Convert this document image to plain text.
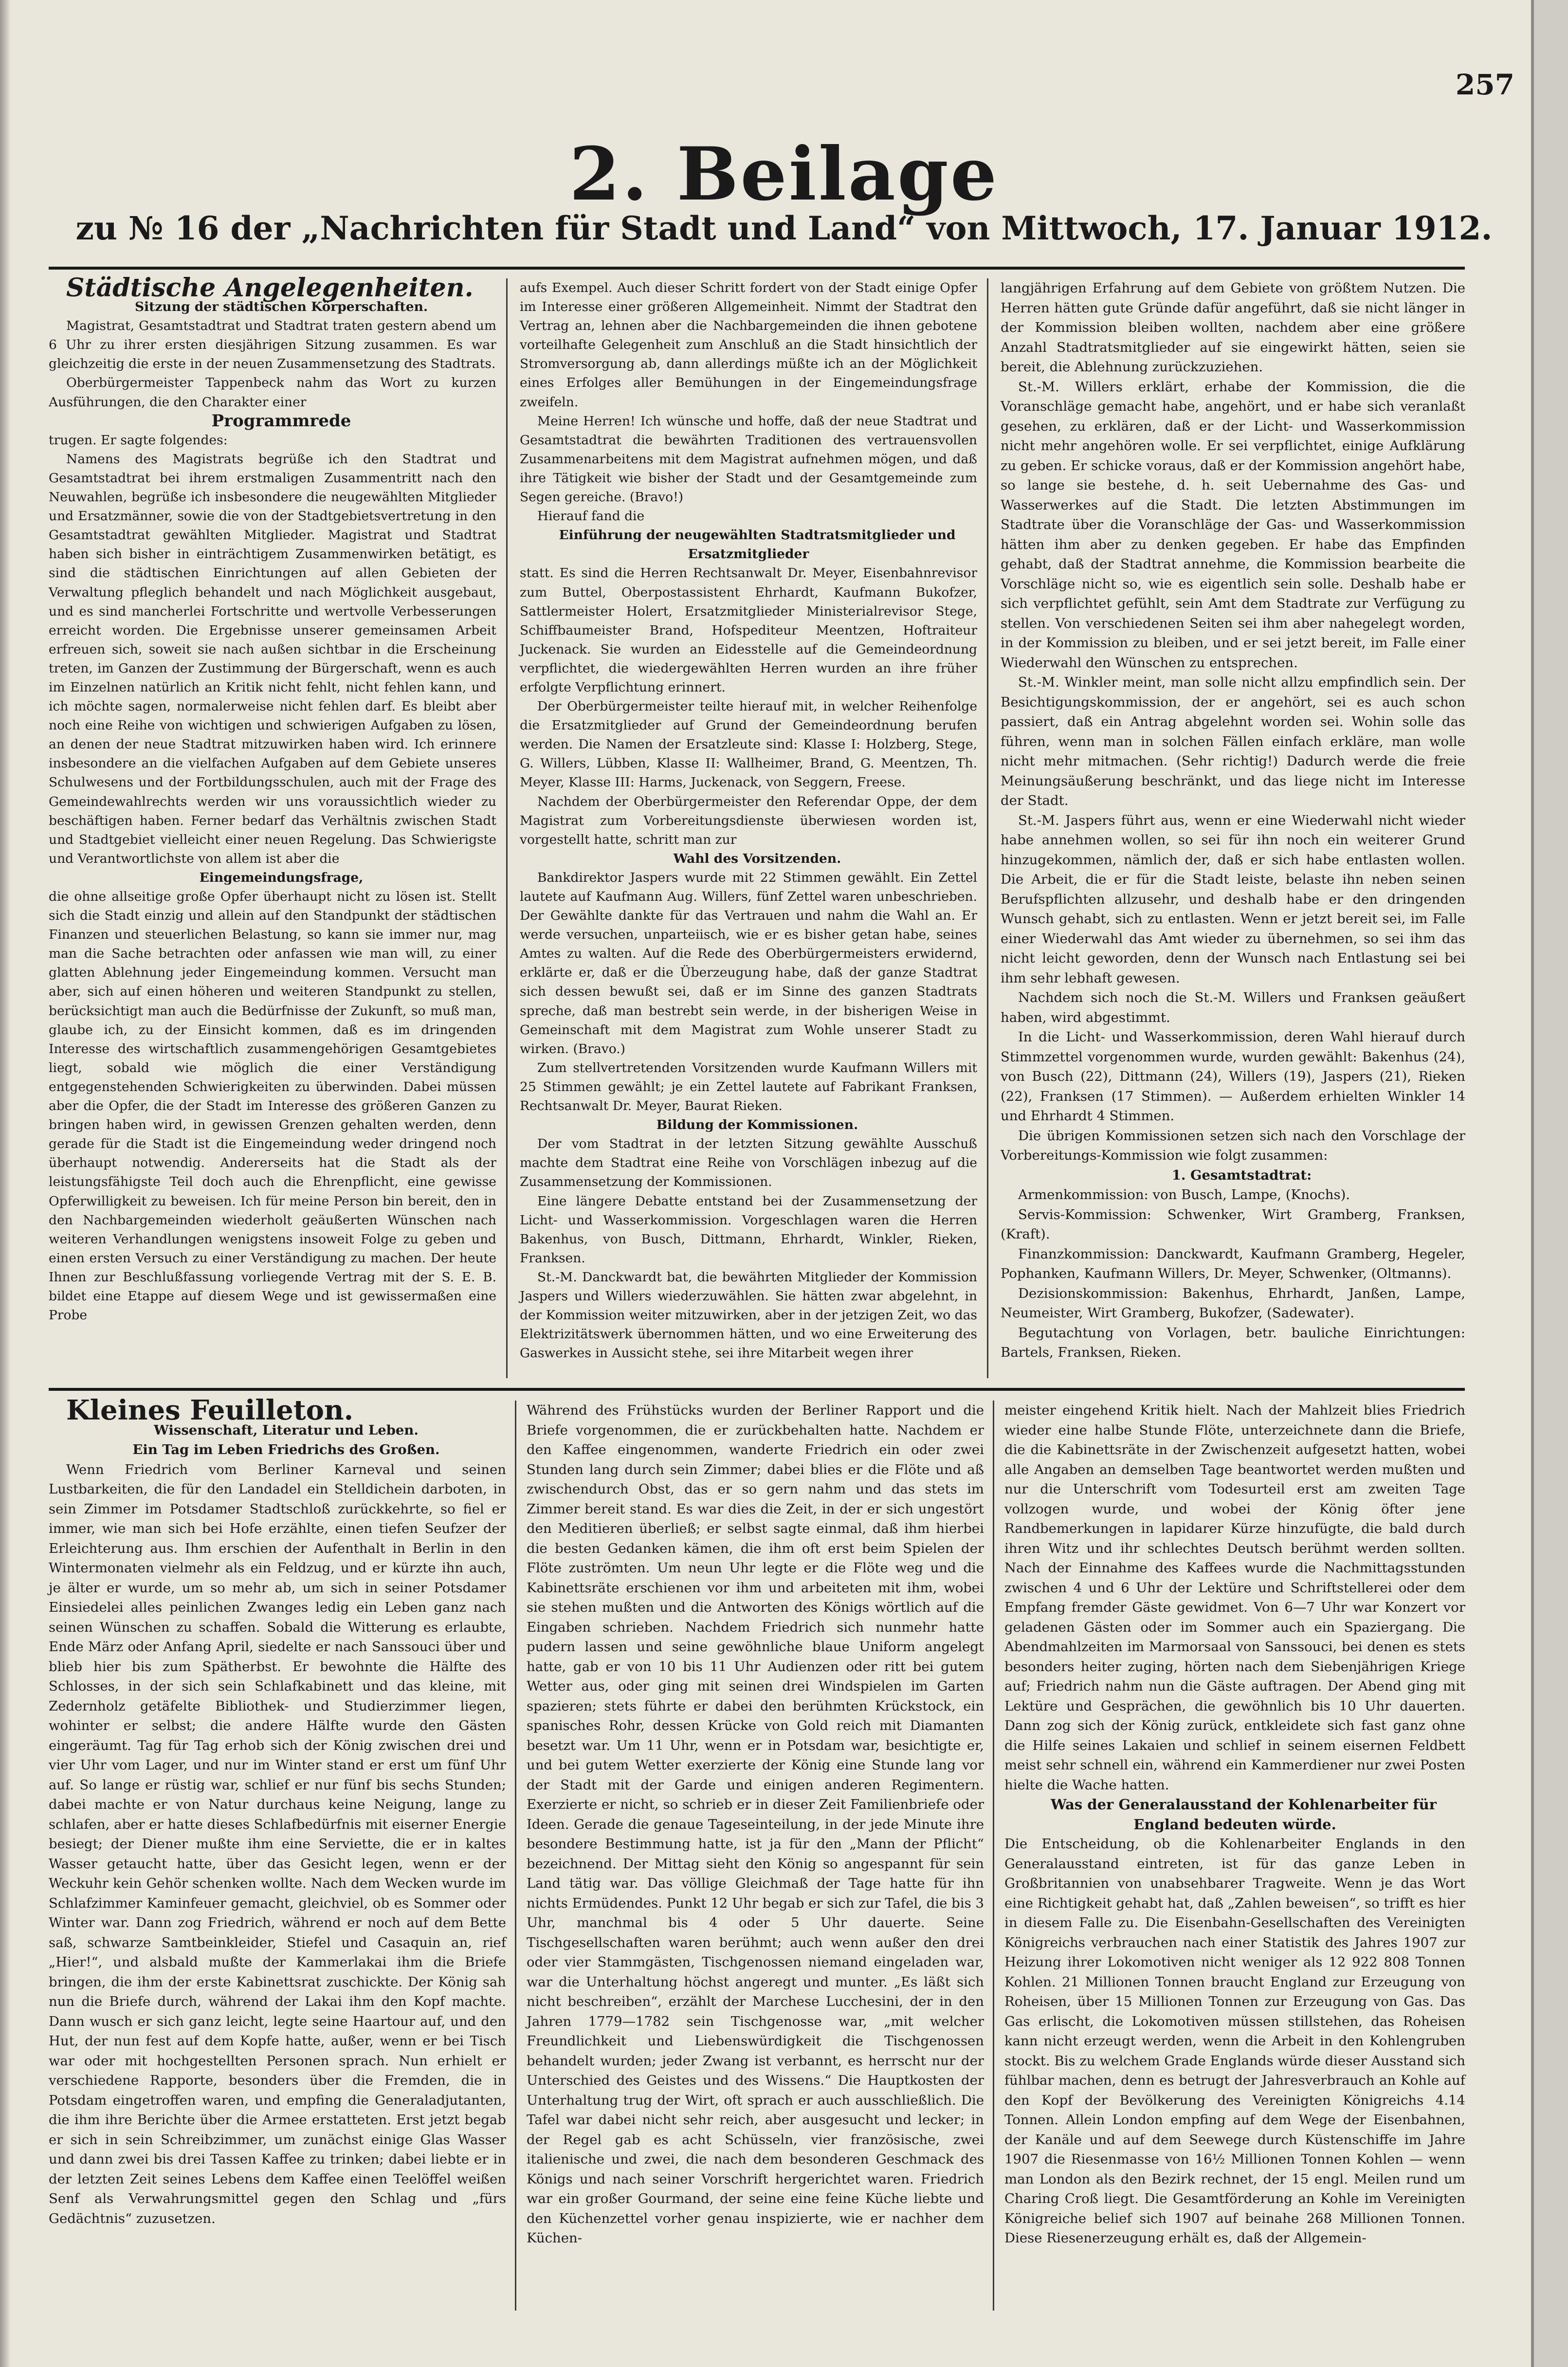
257
2. Beilage
zu № 16 der „Nachrichten für Stadt und Land“ von Mittwoch, 17. Januar 1912.

Städtische Angelegenheiten.

Sitzung der städtischen Körperschaften.

Magistrat, Gesamtstadtrat und Stadtrat traten gestern abend um 6 Uhr zu ihrer ersten diesjährigen Sitzung zusammen. Es war gleichzeitig die erste in der neuen Zusammensetzung des Stadtrats.

Oberbürgermeister Tappenbeck nahm das Wort zu kurzen Ausführungen, die den Charakter einer

Programmrede

trugen. Er sagte folgendes:

Namens des Magistrats begrüße ich den Stadtrat und Gesamtstadtrat bei ihrem erstmaligen Zusammentritt nach den Neuwahlen, begrüße ich insbesondere die neugewählten Mitglieder und Ersatzmänner, sowie die von der Stadtgebietsvertretung in den Gesamtstadtrat gewählten Mitglieder. Magistrat und Stadtrat haben sich bisher in einträchtigem Zusammenwirken betätigt, es sind die städtischen Einrichtungen auf allen Gebieten der Verwaltung pfleglich behandelt und nach Möglichkeit ausgebaut, und es sind mancherlei Fortschritte und wertvolle Verbesserungen erreicht worden. Die Ergebnisse unserer gemeinsamen Arbeit erfreuen sich, soweit sie nach außen sichtbar in die Erscheinung treten, im Ganzen der Zustimmung der Bürgerschaft, wenn es auch im Einzelnen natürlich an Kritik nicht fehlt, nicht fehlen kann, und ich möchte sagen, normalerweise nicht fehlen darf. Es bleibt aber noch eine Reihe von wichtigen und schwierigen Aufgaben zu lösen, an denen der neue Stadtrat mitzuwirken haben wird. Ich erinnere insbesondere an die vielfachen Aufgaben auf dem Gebiete unseres Schulwesens und der Fortbildungsschulen, auch mit der Frage des Gemeindewahlrechts werden wir uns voraussichtlich wieder zu beschäftigen haben. Ferner bedarf das Verhältnis zwischen Stadt und Stadtgebiet vielleicht einer neuen Regelung. Das Schwierigste und Verantwortlichste von allem ist aber die

Eingemeindungsfrage,

die ohne allseitige große Opfer überhaupt nicht zu lösen ist. Stellt sich die Stadt einzig und allein auf den Standpunkt der städtischen Finanzen und steuerlichen Belastung, so kann sie immer nur, mag man die Sache betrachten oder anfassen wie man will, zu einer glatten Ablehnung jeder Eingemeindung kommen. Versucht man aber, sich auf einen höheren und weiteren Standpunkt zu stellen, berücksichtigt man auch die Bedürfnisse der Zukunft, so muß man, glaube ich, zu der Einsicht kommen, daß es im dringenden Interesse des wirtschaftlich zusammengehörigen Gesamtgebietes liegt, sobald wie möglich die einer Verständigung entgegenstehenden Schwierigkeiten zu überwinden. Dabei müssen aber die Opfer, die der Stadt im Interesse des größeren Ganzen zu bringen haben wird, in gewissen Grenzen gehalten werden, denn gerade für die Stadt ist die Eingemeindung weder dringend noch überhaupt notwendig. Andererseits hat die Stadt als der leistungsfähigste Teil doch auch die Ehrenpflicht, eine gewisse Opferwilligkeit zu beweisen. Ich für meine Person bin bereit, den in den Nachbargemeinden wiederholt geäußerten Wünschen nach weiteren Verhandlungen wenigstens insoweit Folge zu geben und einen ersten Versuch zu einer Verständigung zu machen. Der heute Ihnen zur Beschlußfassung vorliegende Vertrag mit der S. E. B. bildet eine Etappe auf diesem Wege und ist gewissermaßen eine Probe

aufs Exempel. Auch dieser Schritt fordert von der Stadt einige Opfer im Interesse einer größeren Allgemeinheit. Nimmt der Stadtrat den Vertrag an, lehnen aber die Nachbargemeinden die ihnen gebotene vorteilhafte Gelegenheit zum Anschluß an die Stadt hinsichtlich der Stromversorgung ab, dann allerdings müßte ich an der Möglichkeit eines Erfolges aller Bemühungen in der Eingemeindungsfrage zweifeln.

Meine Herren! Ich wünsche und hoffe, daß der neue Stadtrat und Gesamtstadtrat die bewährten Traditionen des vertrauensvollen Zusammenarbeitens mit dem Magistrat aufnehmen mögen, und daß ihre Tätigkeit wie bisher der Stadt und der Gesamtgemeinde zum Segen gereiche. (Bravo!)

Hierauf fand die

Einführung der neugewählten Stadtratsmitglieder und Ersatzmitglieder

statt. Es sind die Herren Rechtsanwalt Dr. Meyer, Eisenbahnrevisor zum Buttel, Oberpostassistent Ehrhardt, Kaufmann Bukofzer, Sattlermeister Holert, Ersatzmitglieder Ministerialrevisor Stege, Schiffbaumeister Brand, Hofspediteur Meentzen, Hoftraiteur Juckenack. Sie wurden an Eidesstelle auf die Gemeindeordnung verpflichtet, die wiedergewählten Herren wurden an ihre früher erfolgte Verpflichtung erinnert.

Der Oberbürgermeister teilte hierauf mit, in welcher Reihenfolge die Ersatzmitglieder auf Grund der Gemeindeordnung berufen werden. Die Namen der Ersatzleute sind: Klasse I: Holzberg, Stege, G. Willers, Lübben, Klasse II: Wallheimer, Brand, G. Meentzen, Th. Meyer, Klasse III: Harms, Juckenack, von Seggern, Freese.

Nachdem der Oberbürgermeister den Referendar Oppe, der dem Magistrat zum Vorbereitungsdienste überwiesen worden ist, vorgestellt hatte, schritt man zur

Wahl des Vorsitzenden.

Bankdirektor Jaspers wurde mit 22 Stimmen gewählt. Ein Zettel lautete auf Kaufmann Aug. Willers, fünf Zettel waren unbeschrieben. Der Gewählte dankte für das Vertrauen und nahm die Wahl an. Er werde versuchen, unparteiisch, wie er es bisher getan habe, seines Amtes zu walten. Auf die Rede des Oberbürgermeisters erwidernd, erklärte er, daß er die Überzeugung habe, daß der ganze Stadtrat sich dessen bewußt sei, daß er im Sinne des ganzen Stadtrats spreche, daß man bestrebt sein werde, in der bisherigen Weise in Gemeinschaft mit dem Magistrat zum Wohle unserer Stadt zu wirken. (Bravo.)

Zum stellvertretenden Vorsitzenden wurde Kaufmann Willers mit 25 Stimmen gewählt; je ein Zettel lautete auf Fabrikant Franksen, Rechtsanwalt Dr. Meyer, Baurat Rieken.

Bildung der Kommissionen.

Der vom Stadtrat in der letzten Sitzung gewählte Ausschuß machte dem Stadtrat eine Reihe von Vorschlägen inbezug auf die Zusammensetzung der Kommissionen.

Eine längere Debatte entstand bei der Zusammensetzung der Licht- und Wasserkommission. Vorgeschlagen waren die Herren Bakenhus, von Busch, Dittmann, Ehrhardt, Winkler, Rieken, Franksen.

St.-M. Danckwardt bat, die bewährten Mitglieder der Kommission Jaspers und Willers wiederzuwählen. Sie hätten zwar abgelehnt, in der Kommission weiter mitzuwirken, aber in der jetzigen Zeit, wo das Elektrizitätswerk übernommen hätten, und wo eine Erweiterung des Gaswerkes in Aussicht stehe, sei ihre Mitarbeit wegen ihrer

langjährigen Erfahrung auf dem Gebiete von größtem Nutzen. Die Herren hätten gute Gründe dafür angeführt, daß sie nicht länger in der Kommission bleiben wollten, nachdem aber eine größere Anzahl Stadtratsmitglieder auf sie eingewirkt hätten, seien sie bereit, die Ablehnung zurückzuziehen.

St.-M. Willers erklärt, erhabe der Kommission, die die Voranschläge gemacht habe, angehört, und er habe sich veranlaßt gesehen, zu erklären, daß er der Licht- und Wasserkommission nicht mehr angehören wolle. Er sei verpflichtet, einige Aufklärung zu geben. Er schicke voraus, daß er der Kommission angehört habe, so lange sie bestehe, d. h. seit Uebernahme des Gas- und Wasserwerkes auf die Stadt. Die letzten Abstimmungen im Stadtrate über die Voranschläge der Gas- und Wasserkommission hätten ihm aber zu denken gegeben. Er habe das Empfinden gehabt, daß der Stadtrat annehme, die Kommission bearbeite die Vorschläge nicht so, wie es eigentlich sein solle. Deshalb habe er sich verpflichtet gefühlt, sein Amt dem Stadtrate zur Verfügung zu stellen. Von verschiedenen Seiten sei ihm aber nahegelegt worden, in der Kommission zu bleiben, und er sei jetzt bereit, im Falle einer Wiederwahl den Wünschen zu entsprechen.

St.-M. Winkler meint, man solle nicht allzu empfindlich sein. Der Besichtigungskommission, der er angehört, sei es auch schon passiert, daß ein Antrag abgelehnt worden sei. Wohin solle das führen, wenn man in solchen Fällen einfach erkläre, man wolle nicht mehr mitmachen. (Sehr richtig!) Dadurch werde die freie Meinungsäußerung beschränkt, und das liege nicht im Interesse der Stadt.

St.-M. Jaspers führt aus, wenn er eine Wiederwahl nicht wieder habe annehmen wollen, so sei für ihn noch ein weiterer Grund hinzugekommen, nämlich der, daß er sich habe entlasten wollen. Die Arbeit, die er für die Stadt leiste, belaste ihn neben seinen Berufspflichten allzusehr, und deshalb habe er den dringenden Wunsch gehabt, sich zu entlasten. Wenn er jetzt bereit sei, im Falle einer Wiederwahl das Amt wieder zu übernehmen, so sei ihm das nicht leicht geworden, denn der Wunsch nach Entlastung sei bei ihm sehr lebhaft gewesen.

Nachdem sich noch die St.-M. Willers und Franksen geäußert haben, wird abgestimmt.

In die Licht- und Wasserkommission, deren Wahl hierauf durch Stimmzettel vorgenommen wurde, wurden gewählt: Bakenhus (24), von Busch (22), Dittmann (24), Willers (19), Jaspers (21), Rieken (22), Franksen (17 Stimmen). — Außerdem erhielten Winkler 14 und Ehrhardt 4 Stimmen.

Die übrigen Kommissionen setzen sich nach den Vorschlage der Vorbereitungs-Kommission wie folgt zusammen:

1. Gesamtstadtrat:

Armenkommission: von Busch, Lampe, (Knochs).

Servis-Kommission: Schwenker, Wirt Gramberg, Franksen, (Kraft).

Finanzkommission: Danckwardt, Kaufmann Gramberg, Hegeler, Pophanken, Kaufmann Willers, Dr. Meyer, Schwenker, (Oltmanns).

Dezisionskommission: Bakenhus, Ehrhardt, Janßen, Lampe, Neumeister, Wirt Gramberg, Bukofzer, (Sadewater).

Begutachtung von Vorlagen, betr. bauliche Einrichtungen: Bartels, Franksen, Rieken.

Kleines Feuilleton.

Wissenschaft, Literatur und Leben.

Ein Tag im Leben Friedrichs des Großen.

Wenn Friedrich vom Berliner Karneval und seinen Lustbarkeiten, die für den Landadel ein Stelldichein darboten, in sein Zimmer im Potsdamer Stadtschloß zurückkehrte, so fiel er immer, wie man sich bei Hofe erzählte, einen tiefen Seufzer der Erleichterung aus. Ihm erschien der Aufenthalt in Berlin in den Wintermonaten vielmehr als ein Feldzug, und er kürzte ihn auch, je älter er wurde, um so mehr ab, um sich in seiner Potsdamer Einsiedelei alles peinlichen Zwanges ledig ein Leben ganz nach seinen Wünschen zu schaffen. Sobald die Witterung es erlaubte, Ende März oder Anfang April, siedelte er nach Sanssouci über und blieb hier bis zum Spätherbst. Er bewohnte die Hälfte des Schlosses, in der sich sein Schlafkabinett und das kleine, mit Zedernholz getäfelte Bibliothek- und Studierzimmer liegen, wohinter er selbst; die andere Hälfte wurde den Gästen eingeräumt. Tag für Tag erhob sich der König zwischen drei und vier Uhr vom Lager, und nur im Winter stand er erst um fünf Uhr auf. So lange er rüstig war, schlief er nur fünf bis sechs Stunden; dabei machte er von Natur durchaus keine Neigung, lange zu schlafen, aber er hatte dieses Schlafbedürfnis mit eiserner Energie besiegt; der Diener mußte ihm eine Serviette, die er in kaltes Wasser getaucht hatte, über das Gesicht legen, wenn er der Weckuhr kein Gehör schenken wollte. Nach dem Wecken wurde im Schlafzimmer Kaminfeuer gemacht, gleichviel, ob es Sommer oder Winter war. Dann zog Friedrich, während er noch auf dem Bette saß, schwarze Samtbeinkleider, Stiefel und Casaquin an, rief „Hier!“, und alsbald mußte der Kammerlakai ihm die Briefe bringen, die ihm der erste Kabinettsrat zuschickte. Der König sah nun die Briefe durch, während der Lakai ihm den Kopf machte. Dann wusch er sich ganz leicht, legte seine Haartour auf, und den Hut, der nun fest auf dem Kopfe hatte, außer, wenn er bei Tisch war oder mit hochgestellten Personen sprach. Nun erhielt er verschiedene Rapporte, besonders über die Fremden, die in Potsdam eingetroffen waren, und empfing die Generaladjutanten, die ihm ihre Berichte über die Armee erstatteten. Erst jetzt begab er sich in sein Schreibzimmer, um zunächst einige Glas Wasser und dann zwei bis drei Tassen Kaffee zu trinken; dabei liebte er in der letzten Zeit seines Lebens dem Kaffee einen Teelöffel weißen Senf als Verwahrungsmittel gegen den Schlag und „fürs Gedächtnis“ zuzusetzen.

Während des Frühstücks wurden der Berliner Rapport und die Briefe vorgenommen, die er zurückbehalten hatte. Nachdem er den Kaffee eingenommen, wanderte Friedrich ein oder zwei Stunden lang durch sein Zimmer; dabei blies er die Flöte und aß zwischendurch Obst, das er so gern nahm und das stets im Zimmer bereit stand. Es war dies die Zeit, in der er sich ungestört den Meditieren überließ; er selbst sagte einmal, daß ihm hierbei die besten Gedanken kämen, die ihm oft erst beim Spielen der Flöte zuströmten. Um neun Uhr legte er die Flöte weg und die Kabinettsräte erschienen vor ihm und arbeiteten mit ihm, wobei sie stehen mußten und die Antworten des Königs wörtlich auf die Eingaben schrieben. Nachdem Friedrich sich nunmehr hatte pudern lassen und seine gewöhnliche blaue Uniform angelegt hatte, gab er von 10 bis 11 Uhr Audienzen oder ritt bei gutem Wetter aus, oder ging mit seinen drei Windspielen im Garten spazieren; stets führte er dabei den berühmten Krückstock, ein spanisches Rohr, dessen Krücke von Gold reich mit Diamanten besetzt war. Um 11 Uhr, wenn er in Potsdam war, besichtigte er, und bei gutem Wetter exerzierte der König eine Stunde lang vor der Stadt mit der Garde und einigen anderen Regimentern. Exerzierte er nicht, so schrieb er in dieser Zeit Familienbriefe oder Ideen. Gerade die genaue Tageseinteilung, in der jede Minute ihre besondere Bestimmung hatte, ist ja für den „Mann der Pflicht“ bezeichnend. Der Mittag sieht den König so angespannt für sein Land tätig war. Das völlige Gleichmaß der Tage hatte für ihn nichts Ermüdendes. Punkt 12 Uhr begab er sich zur Tafel, die bis 3 Uhr, manchmal bis 4 oder 5 Uhr dauerte. Seine Tischgesellschaften waren berühmt; auch wenn außer den drei oder vier Stammgästen, Tischgenossen niemand eingeladen war, war die Unterhaltung höchst angeregt und munter. „Es läßt sich nicht beschreiben“, erzählt der Marchese Lucchesini, der in den Jahren 1779—1782 sein Tischgenosse war, „mit welcher Freundlichkeit und Liebenswürdigkeit die Tischgenossen behandelt wurden; jeder Zwang ist verbannt, es herrscht nur der Unterschied des Geistes und des Wissens.“ Die Hauptkosten der Unterhaltung trug der Wirt, oft sprach er auch ausschließlich. Die Tafel war dabei nicht sehr reich, aber ausgesucht und lecker; in der Regel gab es acht Schüsseln, vier französische, zwei italienische und zwei, die nach dem besonderen Geschmack des Königs und nach seiner Vorschrift hergerichtet waren. Friedrich war ein großer Gourmand, der seine eine feine Küche liebte und den Küchenzettel vorher genau inspizierte, wie er nachher dem Küchen-

meister eingehend Kritik hielt. Nach der Mahlzeit blies Friedrich wieder eine halbe Stunde Flöte, unterzeichnete dann die Briefe, die die Kabinettsräte in der Zwischenzeit aufgesetzt hatten, wobei alle Angaben an demselben Tage beantwortet werden mußten und nur die Unterschrift vom Todesurteil erst am zweiten Tage vollzogen wurde, und wobei der König öfter jene Randbemerkungen in lapidarer Kürze hinzufügte, die bald durch ihren Witz und ihr schlechtes Deutsch berühmt werden sollten. Nach der Einnahme des Kaffees wurde die Nachmittagsstunden zwischen 4 und 6 Uhr der Lektüre und Schriftstellerei oder dem Empfang fremder Gäste gewidmet. Von 6—7 Uhr war Konzert vor geladenen Gästen oder im Sommer auch ein Spaziergang. Die Abendmahlzeiten im Marmorsaal von Sanssouci, bei denen es stets besonders heiter zuging, hörten nach dem Siebenjährigen Kriege auf; Friedrich nahm nun die Gäste auftragen. Der Abend ging mit Lektüre und Gesprächen, die gewöhnlich bis 10 Uhr dauerten. Dann zog sich der König zurück, entkleidete sich fast ganz ohne die Hilfe seines Lakaien und schlief in seinem eisernen Feldbett meist sehr schnell ein, während ein Kammerdiener nur zwei Posten hielte die Wache hatten.

Was der Generalausstand der Kohlenarbeiter für England bedeuten würde.

Die Entscheidung, ob die Kohlenarbeiter Englands in den Generalausstand eintreten, ist für das ganze Leben in Großbritannien von unabsehbarer Tragweite. Wenn je das Wort eine Richtigkeit gehabt hat, daß „Zahlen beweisen“, so trifft es hier in diesem Falle zu. Die Eisenbahn-Gesellschaften des Vereinigten Königreichs verbrauchen nach einer Statistik des Jahres 1907 zur Heizung ihrer Lokomotiven nicht weniger als 12 922 808 Tonnen Kohlen. 21 Millionen Tonnen braucht England zur Erzeugung von Roheisen, über 15 Millionen Tonnen zur Erzeugung von Gas. Das Gas erlischt, die Lokomotiven müssen stillstehen, das Roheisen kann nicht erzeugt werden, wenn die Arbeit in den Kohlengruben stockt. Bis zu welchem Grade Englands würde dieser Ausstand sich fühlbar machen, denn es betrugt der Jahresverbrauch an Kohle auf den Kopf der Bevölkerung des Vereinigten Königreichs 4.14 Tonnen. Allein London empfing auf dem Wege der Eisenbahnen, der Kanäle und auf dem Seewege durch Küstenschiffe im Jahre 1907 die Riesenmasse von 16½ Millionen Tonnen Kohlen — wenn man London als den Bezirk rechnet, der 15 engl. Meilen rund um Charing Croß liegt. Die Gesamtförderung an Kohle im Vereinigten Königreiche belief sich 1907 auf beinahe 268 Millionen Tonnen. Diese Riesenerzeugung erhält es, daß der Allgemein-
